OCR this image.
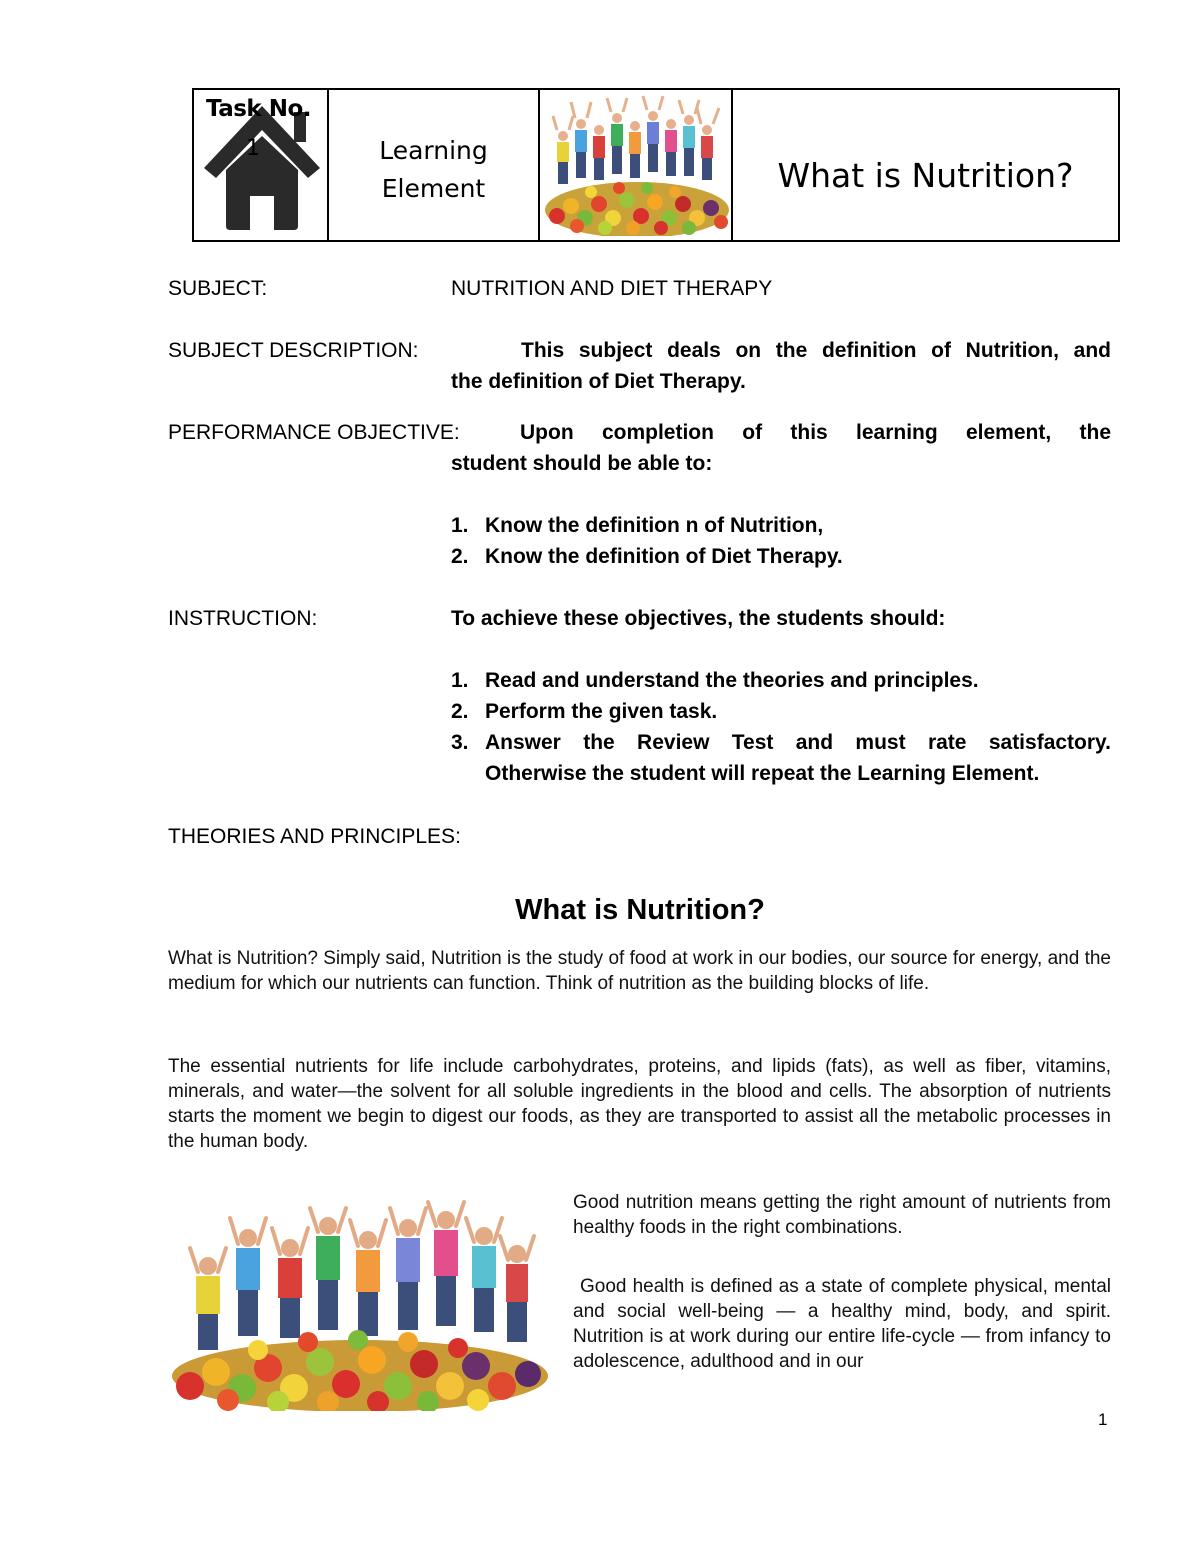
Task No.
1	Learning Element	What is Nutrition?
SUBJECT:	NUTRITION AND DIET THERAPY
SUBJECT DESCRIPTION:	This subject deals on the definition of Nutrition, and
the definition of Diet Therapy.
PERFORMANCE OBJECTIVE:	Upon completion of this learning element, the
student should be able to:
1. Know the definition n of Nutrition,
2. Know the definition of Diet Therapy.
INSTRUCTION:	To achieve these objectives, the students should:
1. Read and understand the theories and principles.
2. Perform the given task.
3. Answer the Review Test and must rate satisfactory.
Otherwise the student will repeat the Learning Element.
THEORIES AND PRINCIPLES:
What is Nutrition?
What is Nutrition? Simply said, Nutrition is the study of food at work in our bodies, our source for energy, and the medium for which our nutrients can function. Think of nutrition as the building blocks of life.
The essential nutrients for life include carbohydrates, proteins, and lipids (fats), as well as fiber, vitamins, minerals, and water—the solvent for all soluble ingredients in the blood and cells. The absorption of nutrients starts the moment we begin to digest our foods, as they are transported to assist all the metabolic processes in the human body.
Good nutrition means getting the right amount of nutrients from healthy foods in the right combinations.
Good health is defined as a state of complete physical, mental and social well-being — a healthy mind, body, and spirit. Nutrition is at work during our entire life-cycle — from infancy to adolescence, adulthood and in our
1
